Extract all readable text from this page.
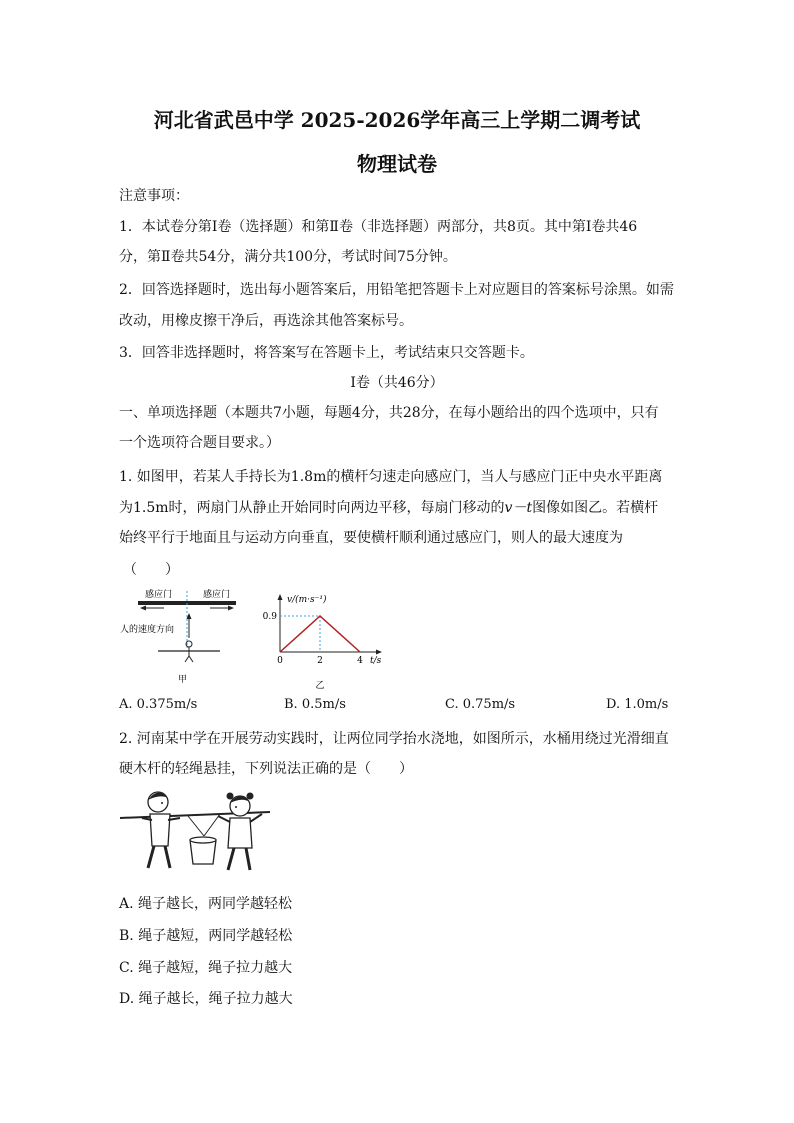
河北省武邑中学 2025-2026学年高三上学期二调考试
物理试卷
注意事项：
1．本试卷分第Ⅰ卷（选择题）和第Ⅱ卷（非选择题）两部分，共8页。其中第Ⅰ卷共46
分，第Ⅱ卷共54分，满分共100分，考试时间75分钟。
2．回答选择题时，选出每小题答案后，用铅笔把答题卡上对应题目的答案标号涂黑。如需
改动，用橡皮擦干净后，再选涂其他答案标号。
3．回答非选择题时，将答案写在答题卡上，考试结束只交答题卡。
Ⅰ卷（共46分）
一、单项选择题（本题共7小题，每题4分，共28分，在每小题给出的四个选项中，只有
一个选项符合题目要求。）
1. 如图甲，若某人手持长为1.8m的横杆匀速走向感应门，当人与感应门正中央水平距离
为1.5m时，两扇门从静止开始同时向两边平移，每扇门移动的v－t图像如图乙。若横杆
始终平行于地面且与运动方向垂直，要使横杆顺利通过感应门，则人的最大速度为
（　　）
感应门	感应门
人的速度方向
甲
v/(m·s⁻¹)
t/s
0.9
0	2	4
乙
A. 0.375m/s	B. 0.5m/s	C. 0.75m/s	D. 1.0m/s
2. 河南某中学在开展劳动实践时，让两位同学抬水浇地，如图所示，水桶用绕过光滑细直
硬木杆的轻绳悬挂，下列说法正确的是（　　）
A. 绳子越长，两同学越轻松
B. 绳子越短，两同学越轻松
C. 绳子越短，绳子拉力越大
D. 绳子越长，绳子拉力越大
